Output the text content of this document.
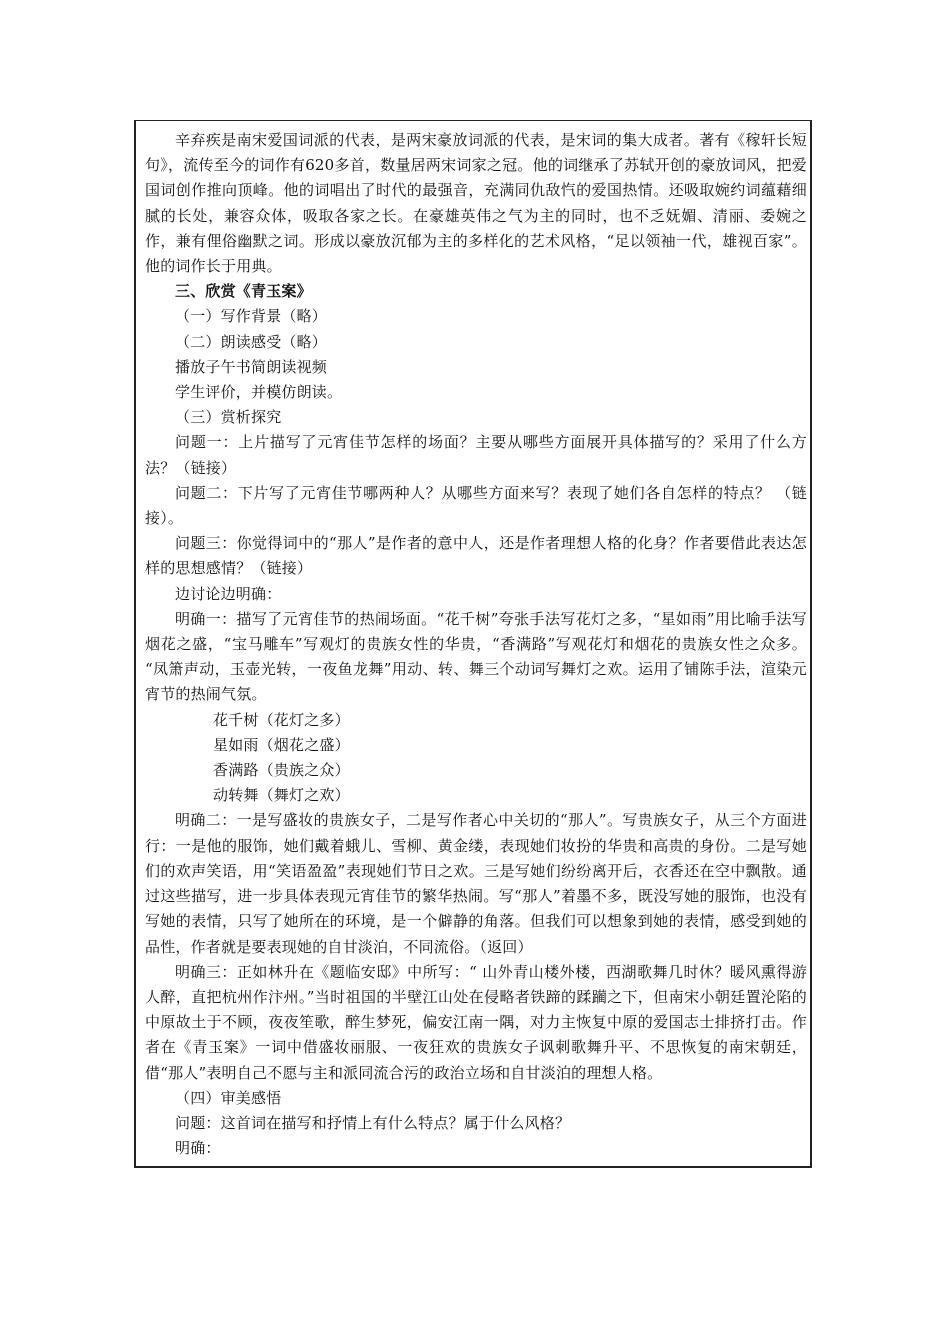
辛弃疾是南宋爱国词派的代表，是两宋豪放词派的代表，是宋词的集大成者。著有《稼轩长短句》，流传至今的词作有620多首，数量居两宋词家之冠。他的词继承了苏轼开创的豪放词风，把爱国词创作推向顶峰。他的词唱出了时代的最强音，充满同仇敌忾的爱国热情。还吸取婉约词蕴藉细腻的长处，兼容众体，吸取各家之长。在豪雄英伟之气为主的同时，也不乏妩媚、清丽、委婉之作，兼有俚俗幽默之词。形成以豪放沉郁为主的多样化的艺术风格，“足以领袖一代，雄视百家”。他的词作长于用典。

三、欣赏《青玉案》

（一）写作背景（略）

（二）朗读感受（略）

播放子午书简朗读视频

学生评价，并模仿朗读。

（三）赏析探究

问题一：上片描写了元宵佳节怎样的场面？主要从哪些方面展开具体描写的？采用了什么方法？（链接）

问题二：下片写了元宵佳节哪两种人？从哪些方面来写？表现了她们各自怎样的特点？ （链接）。

问题三：你觉得词中的“那人”是作者的意中人，还是作者理想人格的化身？作者要借此表达怎样的思想感情？（链接）

边讨论边明确：

明确一：描写了元宵佳节的热闹场面。“花千树”夸张手法写花灯之多，“星如雨”用比喻手法写烟花之盛，“宝马雕车”写观灯的贵族女性的华贵，“香满路”写观花灯和烟花的贵族女性之众多。 “凤箫声动，玉壶光转，一夜鱼龙舞”用动、转、舞三个动词写舞灯之欢。运用了铺陈手法，渲染元宵节的热闹气氛。

花千树（花灯之多）

星如雨（烟花之盛）

香满路（贵族之众）

动转舞（舞灯之欢）

明确二：一是写盛妆的贵族女子，二是写作者心中关切的“那人”。写贵族女子，从三个方面进行：一是他的服饰，她们戴着蛾儿、雪柳、黄金缕，表现她们妆扮的华贵和高贵的身份。二是写她们的欢声笑语，用“笑语盈盈”表现她们节日之欢。三是写她们纷纷离开后，衣香还在空中飘散。通过这些描写，进一步具体表现元宵佳节的繁华热闹。写“那人”着墨不多，既没写她的服饰，也没有写她的表情，只写了她所在的环境，是一个僻静的角落。但我们可以想象到她的表情，感受到她的品性，作者就是要表现她的自甘淡泊，不同流俗。（返回）

明确三：正如林升在《题临安邸》中所写：“ 山外青山楼外楼，西湖歌舞几时休？暖风熏得游人醉，直把杭州作汴州。”当时祖国的半壁江山处在侵略者铁蹄的蹂躏之下，但南宋小朝廷置沦陷的中原故土于不顾，夜夜笙歌，醉生梦死，偏安江南一隅，对力主恢复中原的爱国志士排挤打击。作者在《青玉案》一词中借盛妆丽服、一夜狂欢的贵族女子讽刺歌舞升平、不思恢复的南宋朝廷，借“那人”表明自己不愿与主和派同流合污的政治立场和自甘淡泊的理想人格。

（四）审美感悟

问题：这首词在描写和抒情上有什么特点？属于什么风格？

明确：
